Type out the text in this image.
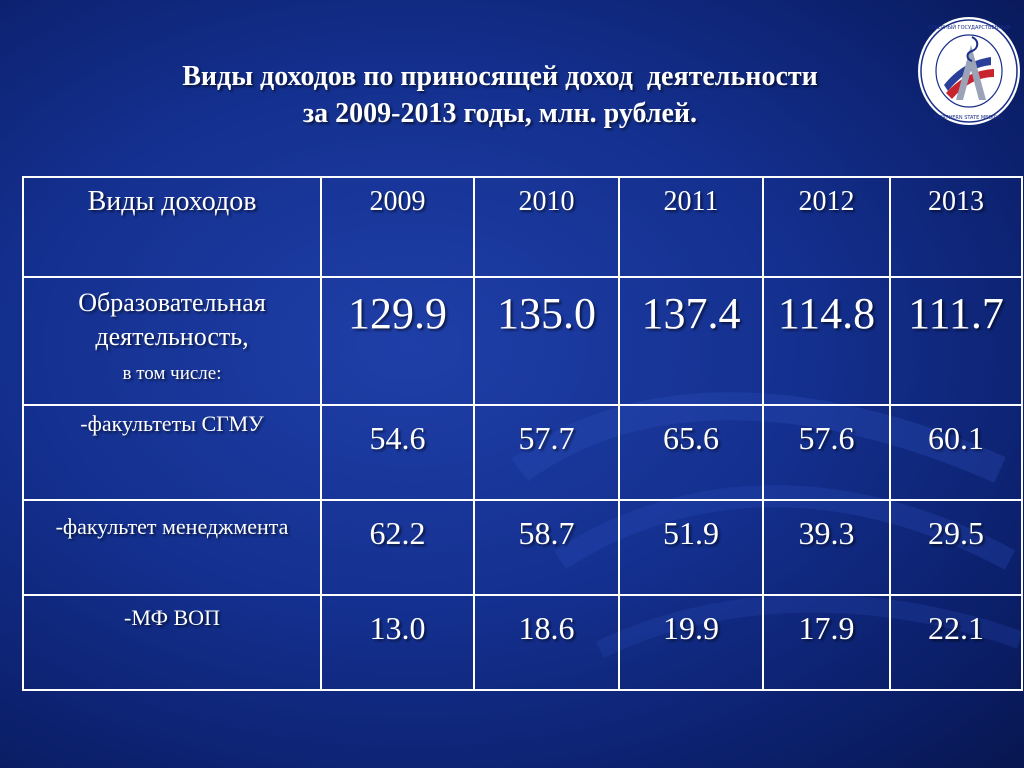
Виды доходов по приносящей доход  деятельности
за 2009-2013 годы, млн. рублей.
СЕВЕРНЫЙ ГОСУДАРСТВЕННЫЙ
NORTHERN STATE MEDICAL
Виды доходов	2009	2010	2011	2012	2013

Образовательная деятельность,
в том числе:	129.9	135.0	137.4	114.8	111.7

-факультеты СГМУ	54.6	57.7	65.6	57.6	60.1

-факультет менеджмента	62.2	58.7	51.9	39.3	29.5

-МФ ВОП	13.0	18.6	19.9	17.9	22.1
